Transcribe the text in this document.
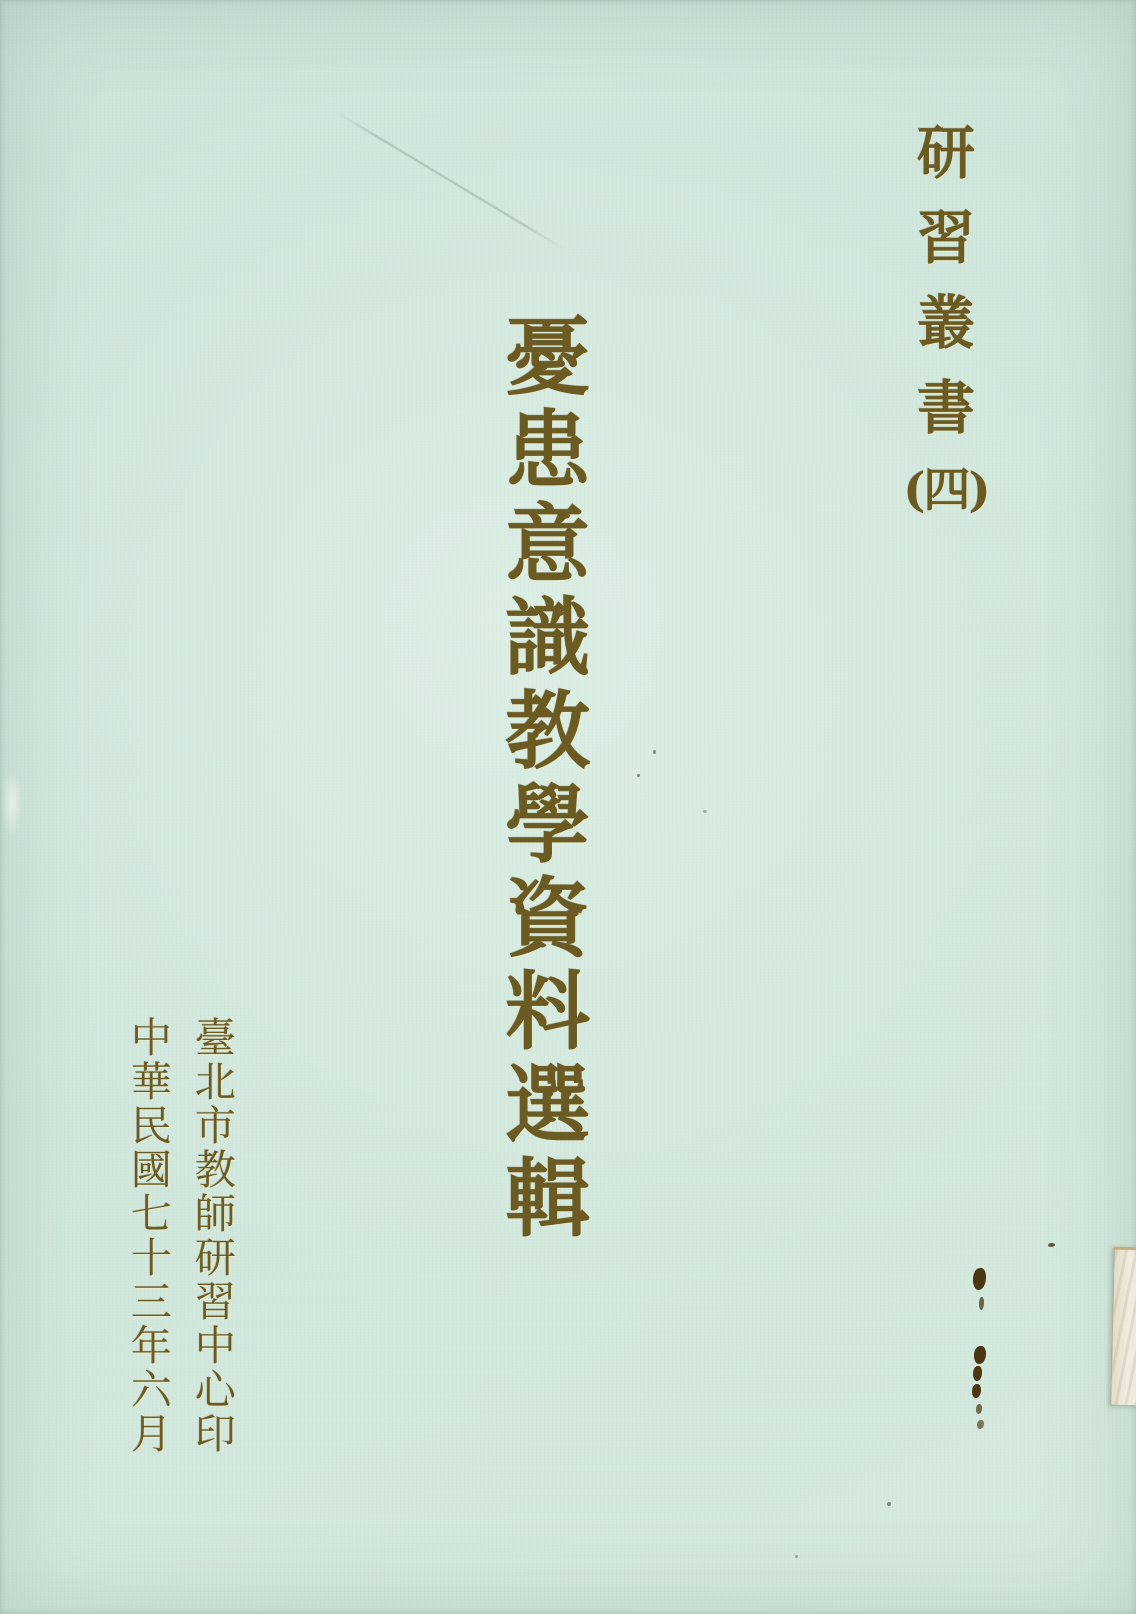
研
習
叢
書
(四)
憂患意識教學資料選輯
中華民國七十三年六月 臺北市教師研習中心印
